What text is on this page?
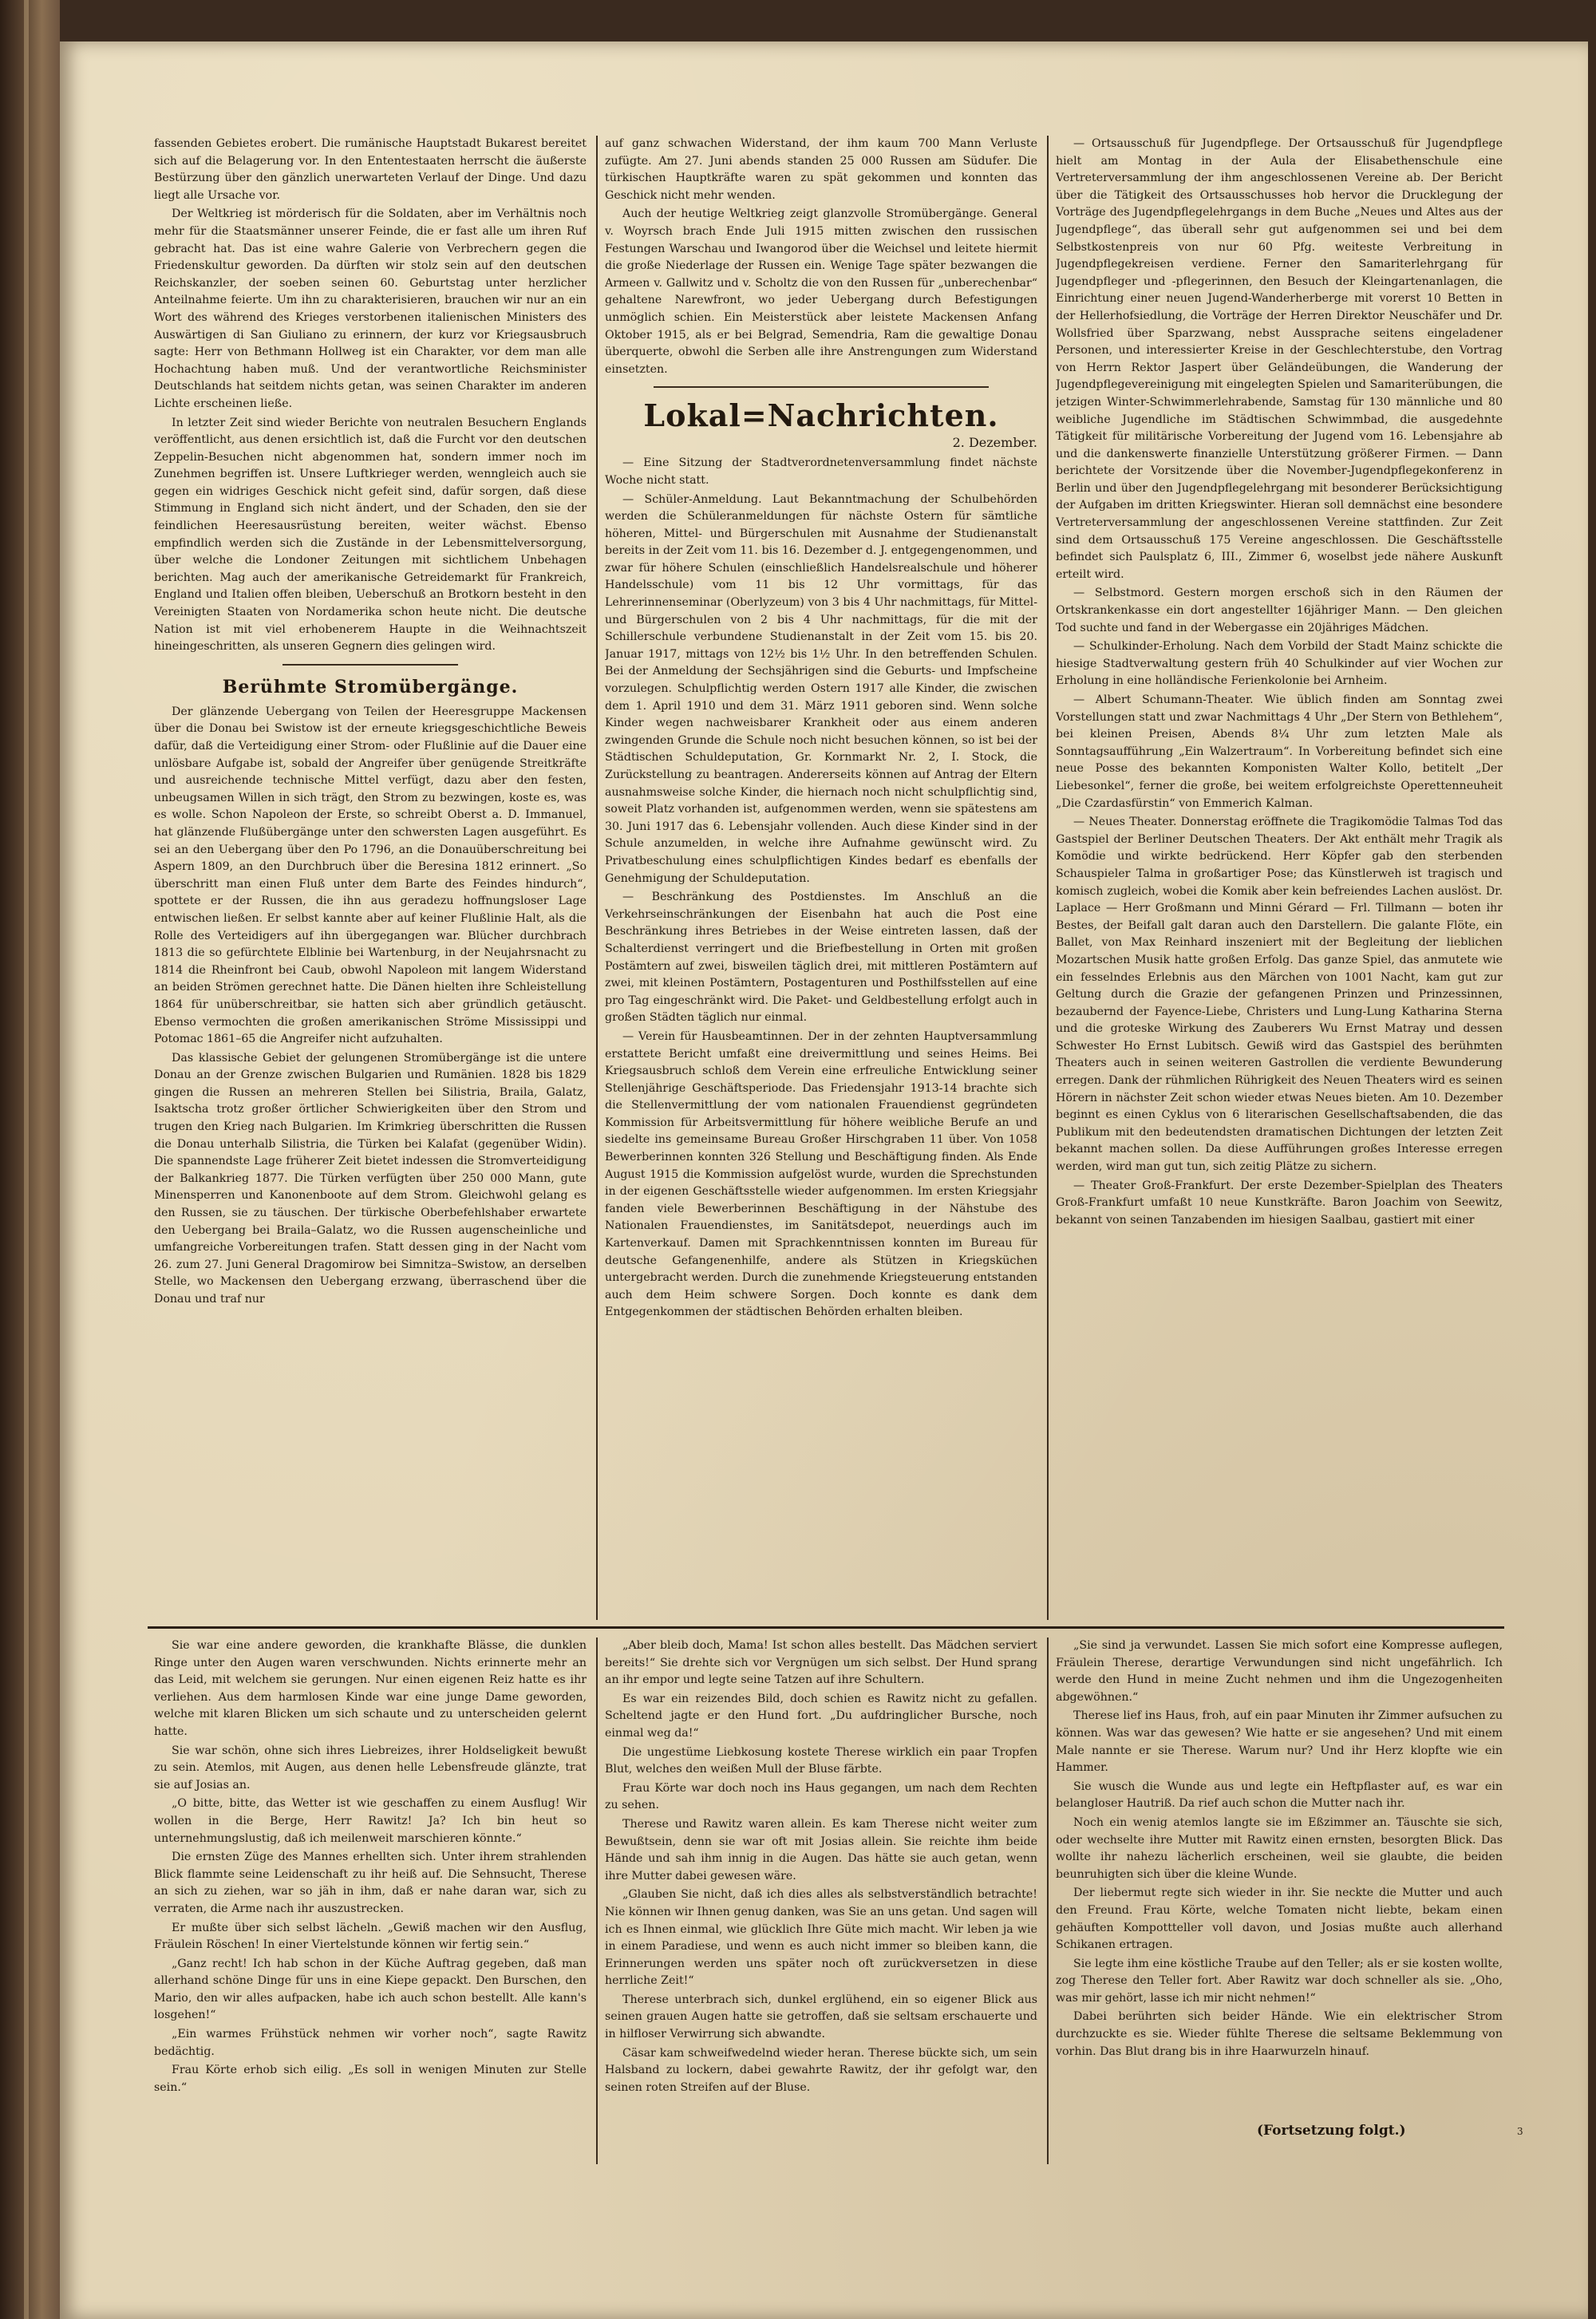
fassenden Gebietes erobert. Die rumänische Hauptstadt Bukarest bereitet sich auf die Belagerung vor. In den Ententestaaten herrscht die äußerste Bestürzung über den gänzlich unerwarteten Verlauf der Dinge. Und dazu liegt alle Ursache vor.

Der Weltkrieg ist mörderisch für die Soldaten, aber im Verhältnis noch mehr für die Staatsmänner unserer Feinde, die er fast alle um ihren Ruf gebracht hat. Das ist eine wahre Galerie von Verbrechern gegen die Friedenskultur geworden. Da dürften wir stolz sein auf den deutschen Reichskanzler, der soeben seinen 60. Geburtstag unter herzlicher Anteilnahme feierte. Um ihn zu charakterisieren, brauchen wir nur an ein Wort des während des Krieges verstorbenen italienischen Ministers des Auswärtigen di San Giuliano zu erinnern, der kurz vor Kriegsausbruch sagte: Herr von Bethmann Hollweg ist ein Charakter, vor dem man alle Hochachtung haben muß. Und der verantwortliche Reichsminister Deutschlands hat seitdem nichts getan, was seinen Charakter im anderen Lichte erscheinen ließe.

In letzter Zeit sind wieder Berichte von neutralen Besuchern Englands veröffentlicht, aus denen ersichtlich ist, daß die Furcht vor den deutschen Zeppelin-Besuchen nicht abgenommen hat, sondern immer noch im Zunehmen begriffen ist. Unsere Luftkrieger werden, wenngleich auch sie gegen ein widriges Geschick nicht gefeit sind, dafür sorgen, daß diese Stimmung in England sich nicht ändert, und der Schaden, den sie der feindlichen Heeresausrüstung bereiten, weiter wächst. Ebenso empfindlich werden sich die Zustände in der Lebensmittelversorgung, über welche die Londoner Zeitungen mit sichtlichem Unbehagen berichten. Mag auch der amerikanische Getreidemarkt für Frankreich, England und Italien offen bleiben, Ueberschuß an Brotkorn besteht in den Vereinigten Staaten von Nordamerika schon heute nicht. Die deutsche Nation ist mit viel erhobenerem Haupte in die Weihnachtszeit hineingeschritten, als unseren Gegnern dies gelingen wird.

Berühmte Stromübergänge.

Der glänzende Uebergang von Teilen der Heeresgruppe Mackensen über die Donau bei Swistow ist der erneute kriegsgeschichtliche Beweis dafür, daß die Verteidigung einer Strom- oder Flußlinie auf die Dauer eine unlösbare Aufgabe ist, sobald der Angreifer über genügende Streitkräfte und ausreichende technische Mittel verfügt, dazu aber den festen, unbeugsamen Willen in sich trägt, den Strom zu bezwingen, koste es, was es wolle. Schon Napoleon der Erste, so schreibt Oberst a. D. Immanuel, hat glänzende Flußübergänge unter den schwersten Lagen ausgeführt. Es sei an den Uebergang über den Po 1796, an die Donauüberschreitung bei Aspern 1809, an den Durchbruch über die Beresina 1812 erinnert. „So überschritt man einen Fluß unter dem Barte des Feindes hindurch“, spottete er der Russen, die ihn aus geradezu hoffnungsloser Lage entwischen ließen. Er selbst kannte aber auf keiner Flußlinie Halt, als die Rolle des Verteidigers auf ihn übergegangen war. Blücher durchbrach 1813 die so gefürchtete Elblinie bei Wartenburg, in der Neujahrsnacht zu 1814 die Rheinfront bei Caub, obwohl Napoleon mit langem Widerstand an beiden Strömen gerechnet hatte. Die Dänen hielten ihre Schleistellung 1864 für unüberschreitbar, sie hatten sich aber gründlich getäuscht. Ebenso vermochten die großen amerikanischen Ströme Mississippi und Potomac 1861–65 die Angreifer nicht aufzuhalten.

Das klassische Gebiet der gelungenen Stromübergänge ist die untere Donau an der Grenze zwischen Bulgarien und Rumänien. 1828 bis 1829 gingen die Russen an mehreren Stellen bei Silistria, Braila, Galatz, Isaktscha trotz großer örtlicher Schwierigkeiten über den Strom und trugen den Krieg nach Bulgarien. Im Krimkrieg überschritten die Russen die Donau unterhalb Silistria, die Türken bei Kalafat (gegenüber Widin). Die spannendste Lage früherer Zeit bietet indessen die Stromverteidigung der Balkankrieg 1877. Die Türken verfügten über 250 000 Mann, gute Minensperren und Kanonenboote auf dem Strom. Gleichwohl gelang es den Russen, sie zu täuschen. Der türkische Oberbefehlshaber erwartete den Uebergang bei Braila–Galatz, wo die Russen augenscheinliche und umfangreiche Vorbereitungen trafen. Statt dessen ging in der Nacht vom 26. zum 27. Juni General Dragomirow bei Simnitza–Swistow, an derselben Stelle, wo Mackensen den Uebergang erzwang, überraschend über die Donau und traf nur

auf ganz schwachen Widerstand, der ihm kaum 700 Mann Verluste zufügte. Am 27. Juni abends standen 25 000 Russen am Südufer. Die türkischen Hauptkräfte waren zu spät gekommen und konnten das Geschick nicht mehr wenden.

Auch der heutige Weltkrieg zeigt glanzvolle Stromübergänge. General v. Woyrsch brach Ende Juli 1915 mitten zwischen den russischen Festungen Warschau und Iwangorod über die Weichsel und leitete hiermit die große Niederlage der Russen ein. Wenige Tage später bezwangen die Armeen v. Gallwitz und v. Scholtz die von den Russen für „unberechenbar“ gehaltene Narewfront, wo jeder Uebergang durch Befestigungen unmöglich schien. Ein Meisterstück aber leistete Mackensen Anfang Oktober 1915, als er bei Belgrad, Semendria, Ram die gewaltige Donau überquerte, obwohl die Serben alle ihre Anstrengungen zum Widerstand einsetzten.

Lokal=Nachrichten.
2. Dezember.

— Eine Sitzung der Stadtverordnetenversammlung findet nächste Woche nicht statt.

— Schüler-Anmeldung. Laut Bekanntmachung der Schulbehörden werden die Schüleranmeldungen für nächste Ostern für sämtliche höheren, Mittel- und Bürgerschulen mit Ausnahme der Studienanstalt bereits in der Zeit vom 11. bis 16. Dezember d. J. entgegengenommen, und zwar für höhere Schulen (einschließlich Handelsrealschule und höherer Handelsschule) vom 11 bis 12 Uhr vormittags, für das Lehrerinnenseminar (Oberlyzeum) von 3 bis 4 Uhr nachmittags, für Mittel- und Bürgerschulen von 2 bis 4 Uhr nachmittags, für die mit der Schillerschule verbundene Studienanstalt in der Zeit vom 15. bis 20. Januar 1917, mittags von 12½ bis 1½ Uhr. In den betreffenden Schulen. Bei der Anmeldung der Sechsjährigen sind die Geburts- und Impfscheine vorzulegen. Schulpflichtig werden Ostern 1917 alle Kinder, die zwischen dem 1. April 1910 und dem 31. März 1911 geboren sind. Wenn solche Kinder wegen nachweisbarer Krankheit oder aus einem anderen zwingenden Grunde die Schule noch nicht besuchen können, so ist bei der Städtischen Schuldeputation, Gr. Kornmarkt Nr. 2, I. Stock, die Zurückstellung zu beantragen. Andererseits können auf Antrag der Eltern ausnahmsweise solche Kinder, die hiernach noch nicht schulpflichtig sind, soweit Platz vorhanden ist, aufgenommen werden, wenn sie spätestens am 30. Juni 1917 das 6. Lebensjahr vollenden. Auch diese Kinder sind in der Schule anzumelden, in welche ihre Aufnahme gewünscht wird. Zu Privatbeschulung eines schulpflichtigen Kindes bedarf es ebenfalls der Genehmigung der Schuldeputation.

— Beschränkung des Postdienstes. Im Anschluß an die Verkehrseinschränkungen der Eisenbahn hat auch die Post eine Beschränkung ihres Betriebes in der Weise eintreten lassen, daß der Schalterdienst verringert und die Briefbestellung in Orten mit großen Postämtern auf zwei, bisweilen täglich drei, mit mittleren Postämtern auf zwei, mit kleinen Postämtern, Postagenturen und Posthilfsstellen auf eine pro Tag eingeschränkt wird. Die Paket- und Geldbestellung erfolgt auch in großen Städten täglich nur einmal.

— Verein für Hausbeamtinnen. Der in der zehnten Hauptversammlung erstattete Bericht umfaßt eine dreivermittlung und seines Heims. Bei Kriegsausbruch schloß dem Verein eine erfreuliche Entwicklung seiner Stellenjährige Geschäftsperiode. Das Friedensjahr 1913-14 brachte sich die Stellenvermittlung der vom nationalen Frauendienst gegründeten Kommission für Arbeitsvermittlung für höhere weibliche Berufe an und siedelte ins gemeinsame Bureau Großer Hirschgraben 11 über. Von 1058 Bewerberinnen konnten 326 Stellung und Beschäftigung finden. Als Ende August 1915 die Kommission aufgelöst wurde, wurden die Sprechstunden in der eigenen Geschäftsstelle wieder aufgenommen. Im ersten Kriegsjahr fanden viele Bewerberinnen Beschäftigung in der Nähstube des Nationalen Frauendienstes, im Sanitätsdepot, neuerdings auch im Kartenverkauf. Damen mit Sprachkenntnissen konnten im Bureau für deutsche Gefangenenhilfe, andere als Stützen in Kriegsküchen untergebracht werden. Durch die zunehmende Kriegsteuerung entstanden auch dem Heim schwere Sorgen. Doch konnte es dank dem Entgegenkommen der städtischen Behörden erhalten bleiben.

— Ortsausschuß für Jugendpflege. Der Ortsausschuß für Jugendpflege hielt am Montag in der Aula der Elisabethenschule eine Vertreterversammlung der ihm angeschlossenen Vereine ab. Der Bericht über die Tätigkeit des Ortsausschusses hob hervor die Drucklegung der Vorträge des Jugendpflegelehrgangs in dem Buche „Neues und Altes aus der Jugendpflege“, das überall sehr gut aufgenommen sei und bei dem Selbstkostenpreis von nur 60 Pfg. weiteste Verbreitung in Jugendpflegekreisen verdiene. Ferner den Samariterlehrgang für Jugendpfleger und -pflegerinnen, den Besuch der Kleingartenanlagen, die Einrichtung einer neuen Jugend-Wanderherberge mit vorerst 10 Betten in der Hellerhofsiedlung, die Vorträge der Herren Direktor Neuschäfer und Dr. Wollsfried über Sparzwang, nebst Aussprache seitens eingeladener Personen, und interessierter Kreise in der Geschlechterstube, den Vortrag von Herrn Rektor Jaspert über Geländeübungen, die Wanderung der Jugendpflegevereinigung mit eingelegten Spielen und Samariterübungen, die jetzigen Winter-Schwimmerlehrabende, Samstag für 130 männliche und 80 weibliche Jugendliche im Städtischen Schwimmbad, die ausgedehnte Tätigkeit für militärische Vorbereitung der Jugend vom 16. Lebensjahre ab und die dankenswerte finanzielle Unterstützung größerer Firmen. — Dann berichtete der Vorsitzende über die November-Jugendpflegekonferenz in Berlin und über den Jugendpflegelehrgang mit besonderer Berücksichtigung der Aufgaben im dritten Kriegswinter. Hieran soll demnächst eine besondere Vertreterversammlung der angeschlossenen Vereine stattfinden. Zur Zeit sind dem Ortsausschuß 175 Vereine angeschlossen. Die Geschäftsstelle befindet sich Paulsplatz 6, III., Zimmer 6, woselbst jede nähere Auskunft erteilt wird.

— Selbstmord. Gestern morgen erschoß sich in den Räumen der Ortskrankenkasse ein dort angestellter 16jähriger Mann. — Den gleichen Tod suchte und fand in der Webergasse ein 20jähriges Mädchen.

— Schulkinder-Erholung. Nach dem Vorbild der Stadt Mainz schickte die hiesige Stadtverwaltung gestern früh 40 Schulkinder auf vier Wochen zur Erholung in eine holländische Ferienkolonie bei Arnheim.

— Albert Schumann-Theater. Wie üblich finden am Sonntag zwei Vorstellungen statt und zwar Nachmittags 4 Uhr „Der Stern von Bethlehem“, bei kleinen Preisen, Abends 8¼ Uhr zum letzten Male als Sonntagsaufführung „Ein Walzertraum“. In Vorbereitung befindet sich eine neue Posse des bekannten Komponisten Walter Kollo, betitelt „Der Liebesonkel“, ferner die große, bei weitem erfolgreichste Operettenneuheit „Die Czardasfürstin“ von Emmerich Kalman.

— Neues Theater. Donnerstag eröffnete die Tragikomödie Talmas Tod das Gastspiel der Berliner Deutschen Theaters. Der Akt enthält mehr Tragik als Komödie und wirkte bedrückend. Herr Köpfer gab den sterbenden Schauspieler Talma in großartiger Pose; das Künstlerweh ist tragisch und komisch zugleich, wobei die Komik aber kein befreiendes Lachen auslöst. Dr. Laplace — Herr Großmann und Minni Gérard — Frl. Tillmann — boten ihr Bestes, der Beifall galt daran auch den Darstellern. Die galante Flöte, ein Ballet, von Max Reinhard inszeniert mit der Begleitung der lieblichen Mozartschen Musik hatte großen Erfolg. Das ganze Spiel, das anmutete wie ein fesselndes Erlebnis aus den Märchen von 1001 Nacht, kam gut zur Geltung durch die Grazie der gefangenen Prinzen und Prinzessinnen, bezaubernd der Fayence-Liebe, Christers und Lung-Lung Katharina Sterna und die groteske Wirkung des Zauberers Wu Ernst Matray und dessen Schwester Ho Ernst Lubitsch. Gewiß wird das Gastspiel des berühmten Theaters auch in seinen weiteren Gastrollen die verdiente Bewunderung erregen. Dank der rühmlichen Rührigkeit des Neuen Theaters wird es seinen Hörern in nächster Zeit schon wieder etwas Neues bieten. Am 10. Dezember beginnt es einen Cyklus von 6 literarischen Gesellschaftsabenden, die das Publikum mit den bedeutendsten dramatischen Dichtungen der letzten Zeit bekannt machen sollen. Da diese Aufführungen großes Interesse erregen werden, wird man gut tun, sich zeitig Plätze zu sichern.

— Theater Groß-Frankfurt. Der erste Dezember-Spielplan des Theaters Groß-Frankfurt umfaßt 10 neue Kunstkräfte. Baron Joachim von Seewitz, bekannt von seinen Tanzabenden im hiesigen Saalbau, gastiert mit einer

Sie war eine andere geworden, die krankhafte Blässe, die dunklen Ringe unter den Augen waren verschwunden. Nichts erinnerte mehr an das Leid, mit welchem sie gerungen. Nur einen eigenen Reiz hatte es ihr verliehen. Aus dem harmlosen Kinde war eine junge Dame geworden, welche mit klaren Blicken um sich schaute und zu unterscheiden gelernt hatte.

Sie war schön, ohne sich ihres Liebreizes, ihrer Holdseligkeit bewußt zu sein. Atemlos, mit Augen, aus denen helle Lebensfreude glänzte, trat sie auf Josias an.

„O bitte, bitte, das Wetter ist wie geschaffen zu einem Ausflug! Wir wollen in die Berge, Herr Rawitz! Ja? Ich bin heut so unternehmungslustig, daß ich meilenweit marschieren könnte.“

Die ernsten Züge des Mannes erhellten sich. Unter ihrem strahlenden Blick flammte seine Leidenschaft zu ihr heiß auf. Die Sehnsucht, Therese an sich zu ziehen, war so jäh in ihm, daß er nahe daran war, sich zu verraten, die Arme nach ihr auszustrecken.

Er mußte über sich selbst lächeln. „Gewiß machen wir den Ausflug, Fräulein Röschen! In einer Viertelstunde können wir fertig sein.“

„Ganz recht! Ich hab schon in der Küche Auftrag gegeben, daß man allerhand schöne Dinge für uns in eine Kiepe gepackt. Den Burschen, den Mario, den wir alles aufpacken, habe ich auch schon bestellt. Alle kann's losgehen!“

„Ein warmes Frühstück nehmen wir vorher noch“, sagte Rawitz bedächtig.

Frau Körte erhob sich eilig. „Es soll in wenigen Minuten zur Stelle sein.“

„Aber bleib doch, Mama! Ist schon alles bestellt. Das Mädchen serviert bereits!“ Sie drehte sich vor Vergnügen um sich selbst. Der Hund sprang an ihr empor und legte seine Tatzen auf ihre Schultern.

Es war ein reizendes Bild, doch schien es Rawitz nicht zu gefallen. Scheltend jagte er den Hund fort. „Du aufdringlicher Bursche, noch einmal weg da!“

Die ungestüme Liebkosung kostete Therese wirklich ein paar Tropfen Blut, welches den weißen Mull der Bluse färbte.

Frau Körte war doch noch ins Haus gegangen, um nach dem Rechten zu sehen.

Therese und Rawitz waren allein. Es kam Therese nicht weiter zum Bewußtsein, denn sie war oft mit Josias allein. Sie reichte ihm beide Hände und sah ihm innig in die Augen. Das hätte sie auch getan, wenn ihre Mutter dabei gewesen wäre.

„Glauben Sie nicht, daß ich dies alles als selbstverständlich betrachte! Nie können wir Ihnen genug danken, was Sie an uns getan. Und sagen will ich es Ihnen einmal, wie glücklich Ihre Güte mich macht. Wir leben ja wie in einem Paradiese, und wenn es auch nicht immer so bleiben kann, die Erinnerungen werden uns später noch oft zurückversetzen in diese herrliche Zeit!“

Therese unterbrach sich, dunkel erglühend, ein so eigener Blick aus seinen grauen Augen hatte sie getroffen, daß sie seltsam erschauerte und in hilfloser Verwirrung sich abwandte.

Cäsar kam schweifwedelnd wieder heran. Therese bückte sich, um sein Halsband zu lockern, dabei gewahrte Rawitz, der ihr gefolgt war, den seinen roten Streifen auf der Bluse.

„Sie sind ja verwundet. Lassen Sie mich sofort eine Kompresse auflegen, Fräulein Therese, derartige Verwundungen sind nicht ungefährlich. Ich werde den Hund in meine Zucht nehmen und ihm die Ungezogenheiten abgewöhnen.“

Therese lief ins Haus, froh, auf ein paar Minuten ihr Zimmer aufsuchen zu können. Was war das gewesen? Wie hatte er sie angesehen? Und mit einem Male nannte er sie Therese. Warum nur? Und ihr Herz klopfte wie ein Hammer.

Sie wusch die Wunde aus und legte ein Heftpflaster auf, es war ein belangloser Hautriß. Da rief auch schon die Mutter nach ihr.

Noch ein wenig atemlos langte sie im Eßzimmer an. Täuschte sie sich, oder wechselte ihre Mutter mit Rawitz einen ernsten, besorgten Blick. Das wollte ihr nahezu lächerlich erscheinen, weil sie glaubte, die beiden beunruhigten sich über die kleine Wunde.

Der liebermut regte sich wieder in ihr. Sie neckte die Mutter und auch den Freund. Frau Körte, welche Tomaten nicht liebte, bekam einen gehäuften Kompottteller voll davon, und Josias mußte auch allerhand Schikanen ertragen.

Sie legte ihm eine köstliche Traube auf den Teller; als er sie kosten wollte, zog Therese den Teller fort. Aber Rawitz war doch schneller als sie. „Oho, was mir gehört, lasse ich mir nicht nehmen!“

Dabei berührten sich beider Hände. Wie ein elektrischer Strom durchzuckte es sie. Wieder fühlte Therese die seltsame Beklemmung von vorhin. Das Blut drang bis in ihre Haarwurzeln hinauf.

(Fortsetzung folgt.)	3
